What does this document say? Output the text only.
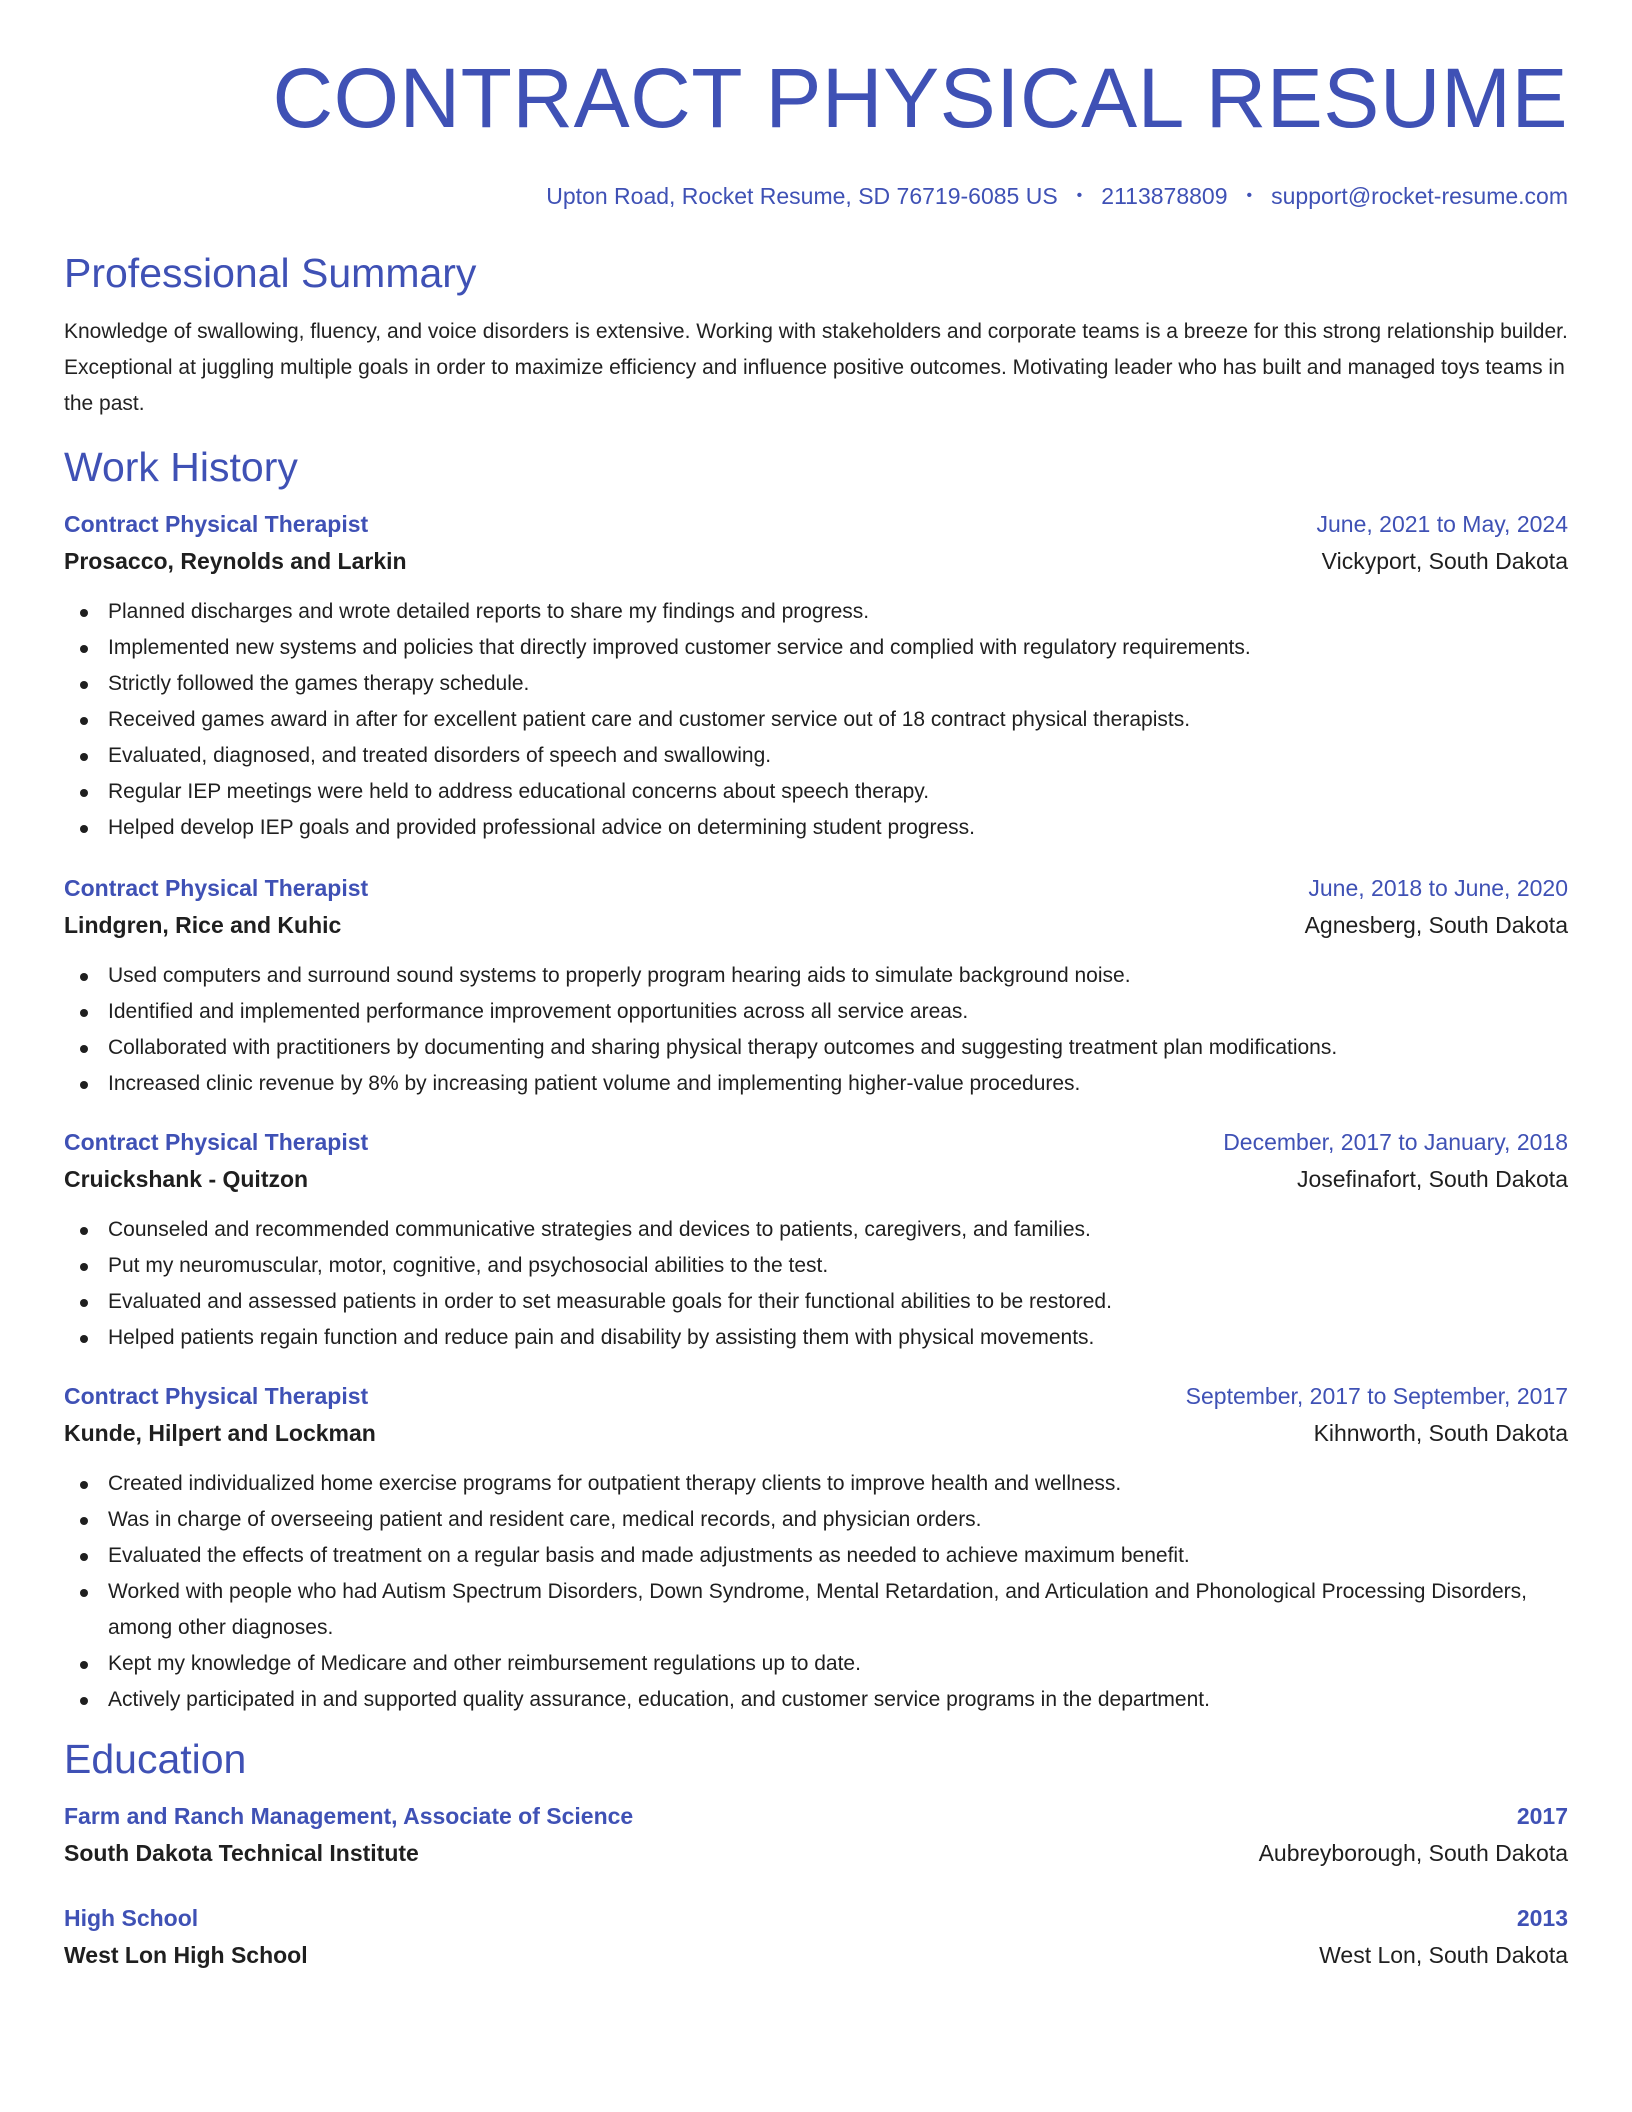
CONTRACT PHYSICAL RESUME
Upton Road, Rocket Resume, SD 76719-6085 US • 2113878809 • support@rocket-resume.com
Professional Summary

Knowledge of swallowing, fluency, and voice disorders is extensive. Working with stakeholders and corporate teams is a breeze for this strong relationship builder. Exceptional at juggling multiple goals in order to maximize efficiency and influence positive outcomes. Motivating leader who has built and managed toys teams in the past.

Work History
Contract Physical Therapist	June, 2021 to May, 2024
Prosacco, Reynolds and Larkin	Vickyport, South Dakota
Planned discharges and wrote detailed reports to share my findings and progress.
Implemented new systems and policies that directly improved customer service and complied with regulatory requirements.
Strictly followed the games therapy schedule.
Received games award in after for excellent patient care and customer service out of 18 contract physical therapists.
Evaluated, diagnosed, and treated disorders of speech and swallowing.
Regular IEP meetings were held to address educational concerns about speech therapy.
Helped develop IEP goals and provided professional advice on determining student progress.
Contract Physical Therapist	June, 2018 to June, 2020
Lindgren, Rice and Kuhic	Agnesberg, South Dakota
Used computers and surround sound systems to properly program hearing aids to simulate background noise.
Identified and implemented performance improvement opportunities across all service areas.
Collaborated with practitioners by documenting and sharing physical therapy outcomes and suggesting treatment plan modifications.
Increased clinic revenue by 8% by increasing patient volume and implementing higher-value procedures.
Contract Physical Therapist	December, 2017 to January, 2018
Cruickshank - Quitzon	Josefinafort, South Dakota
Counseled and recommended communicative strategies and devices to patients, caregivers, and families.
Put my neuromuscular, motor, cognitive, and psychosocial abilities to the test.
Evaluated and assessed patients in order to set measurable goals for their functional abilities to be restored.
Helped patients regain function and reduce pain and disability by assisting them with physical movements.
Contract Physical Therapist	September, 2017 to September, 2017
Kunde, Hilpert and Lockman	Kihnworth, South Dakota
Created individualized home exercise programs for outpatient therapy clients to improve health and wellness.
Was in charge of overseeing patient and resident care, medical records, and physician orders.
Evaluated the effects of treatment on a regular basis and made adjustments as needed to achieve maximum benefit.
Worked with people who had Autism Spectrum Disorders, Down Syndrome, Mental Retardation, and Articulation and Phonological Processing Disorders, among other diagnoses.
Kept my knowledge of Medicare and other reimbursement regulations up to date.
Actively participated in and supported quality assurance, education, and customer service programs in the department.
Education
Farm and Ranch Management, Associate of Science	2017
South Dakota Technical Institute	Aubreyborough, South Dakota
High School	2013
West Lon High School	West Lon, South Dakota
